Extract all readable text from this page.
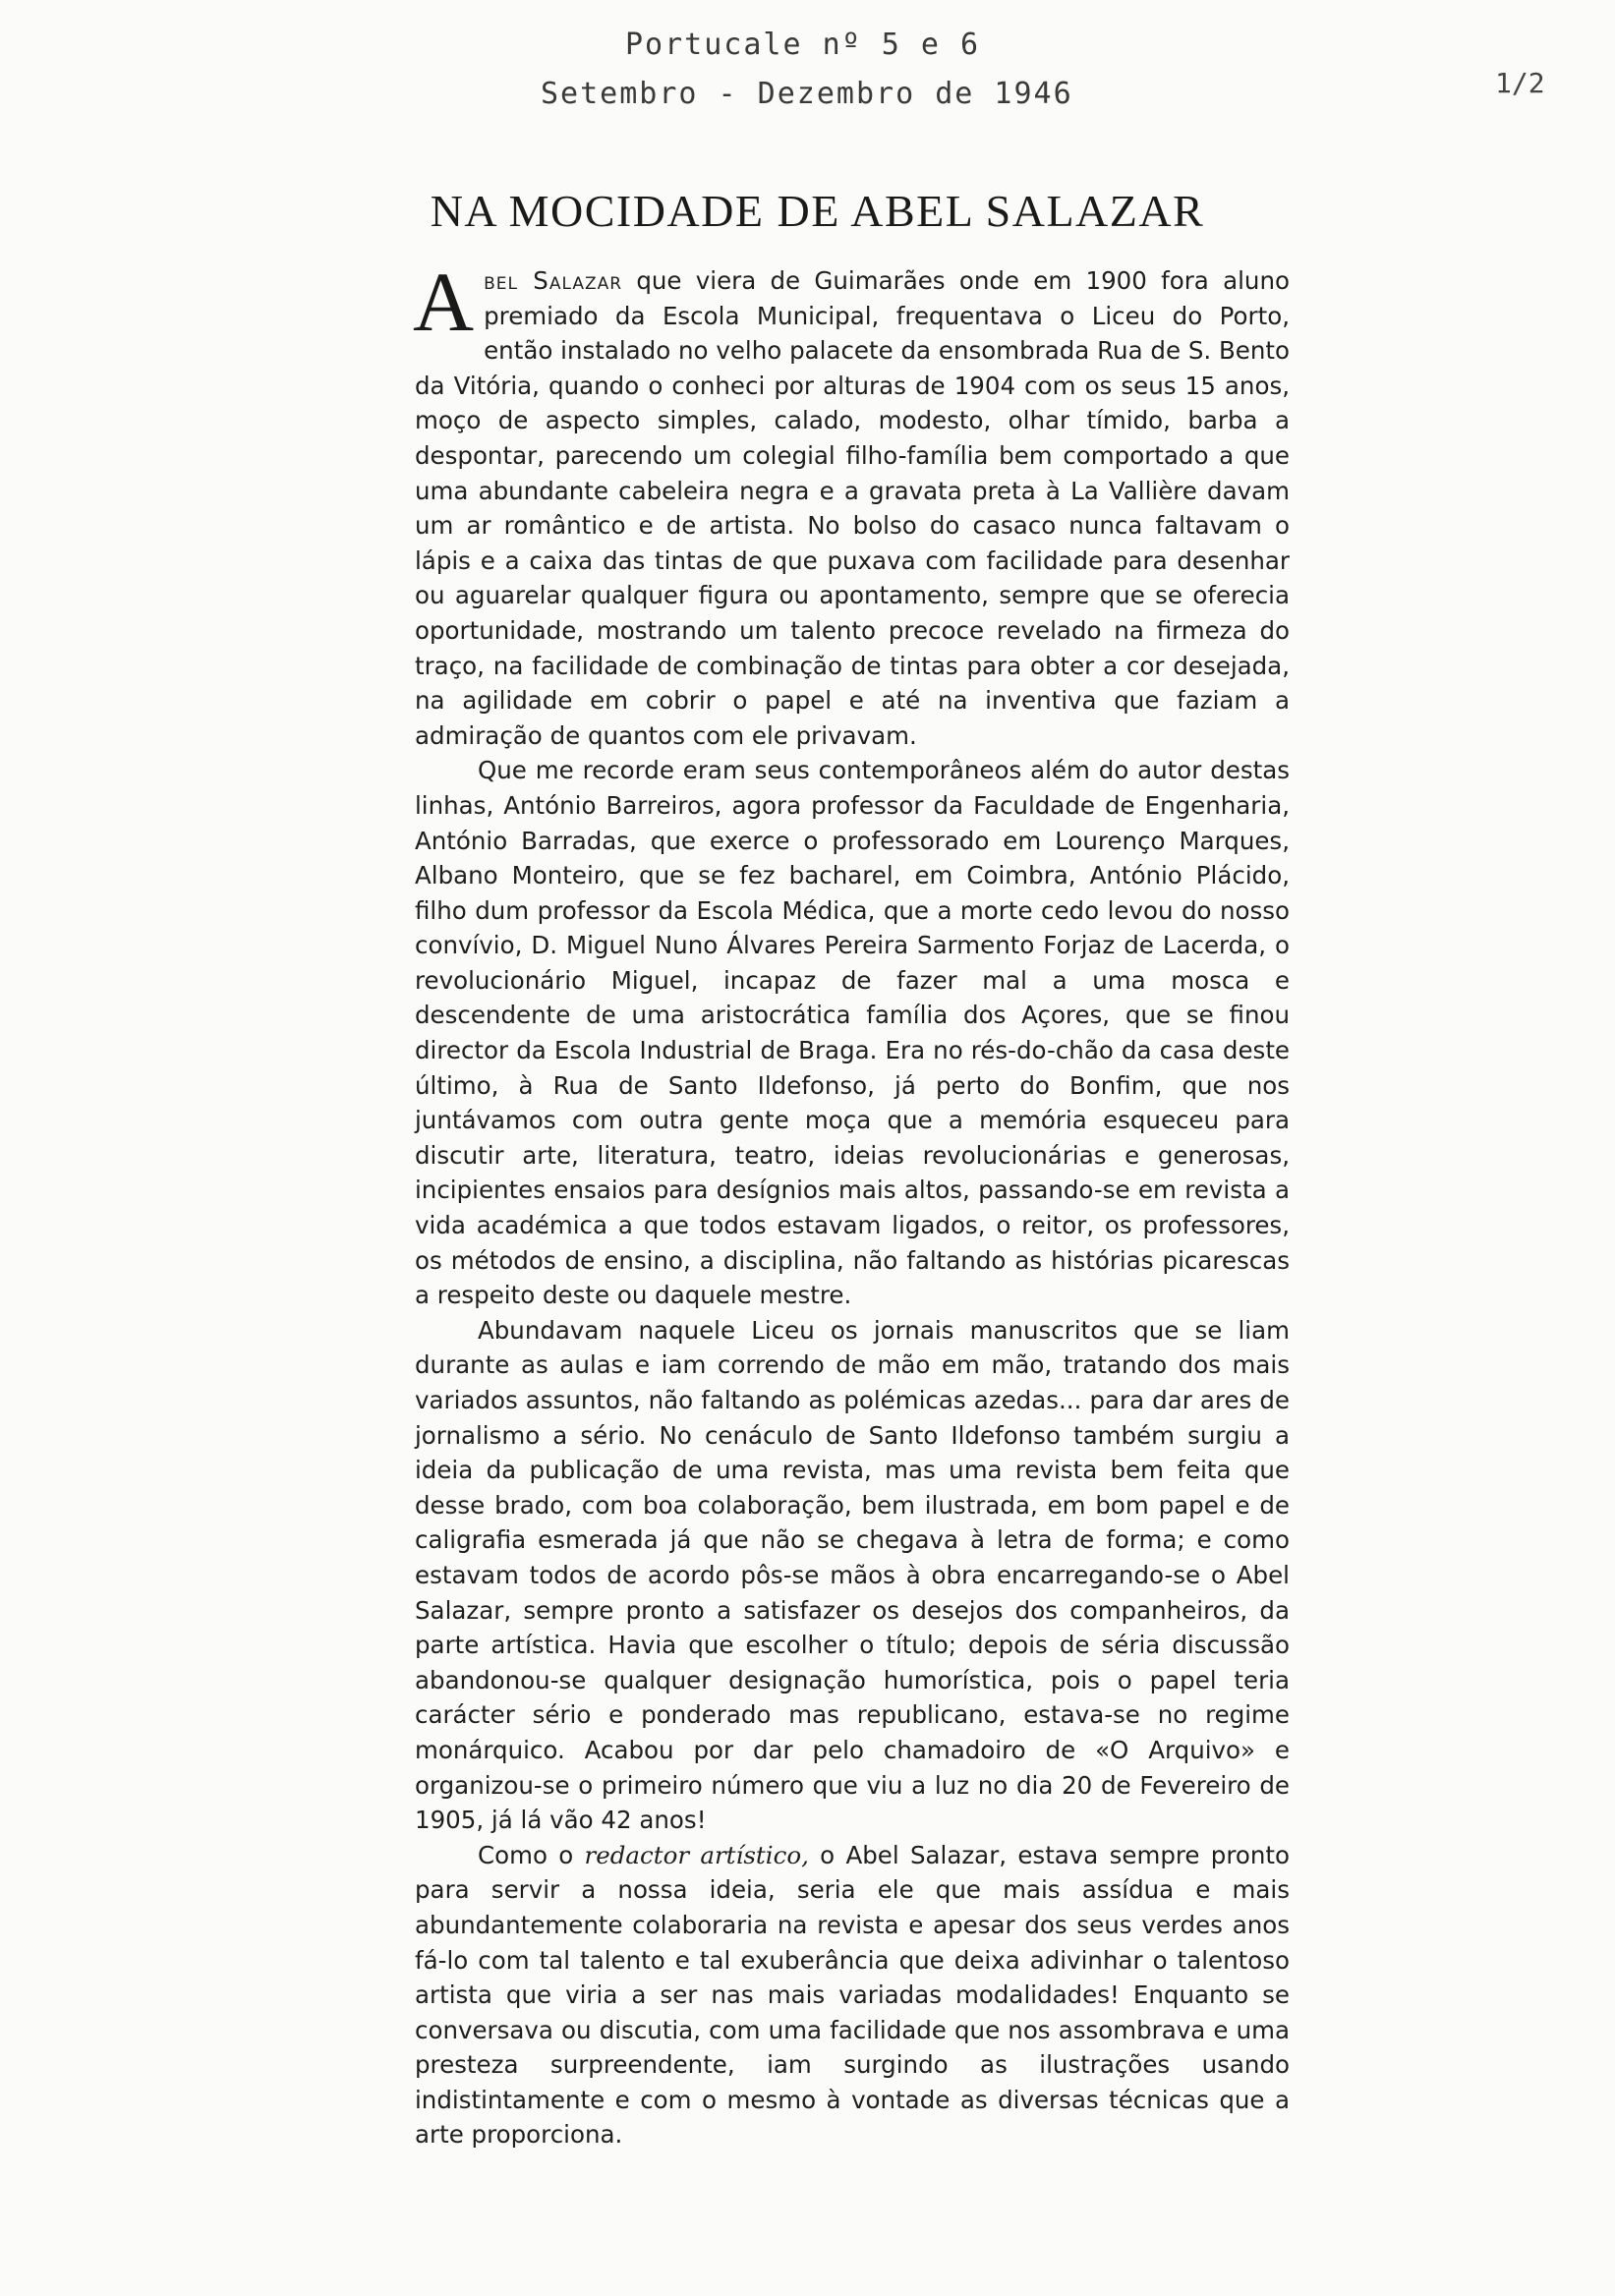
Portucale nº 5 e 6
Setembro - Dezembro de 1946	1/2
NA MOCIDADE DE ABEL SALAZAR

Abel Salazar que viera de Guimarães onde em 1900 fora aluno premiado da Escola Municipal, frequentava o Liceu do Porto, então instalado no velho palacete da ensombrada Rua de S. Bento da Vitória, quando o conheci por alturas de 1904 com os seus 15 anos, moço de aspecto simples, calado, modesto, olhar tímido, barba a despontar, parecendo um colegial filho-família bem comportado a que uma abundante cabeleira negra e a gravata preta à La Vallière davam um ar romântico e de artista. No bolso do casaco nunca faltavam o lápis e a caixa das tintas de que puxava com facilidade para desenhar ou aguarelar qualquer figura ou apontamento, sempre que se oferecia oportunidade, mostrando um talento precoce revelado na firmeza do traço, na facilidade de combinação de tintas para obter a cor desejada, na agilidade em cobrir o papel e até na inventiva que faziam a admiração de quantos com ele privavam.

Que me recorde eram seus contemporâneos além do autor destas linhas, António Barreiros, agora professor da Faculdade de Engenharia, António Barradas, que exerce o professorado em Lourenço Marques, Albano Monteiro, que se fez bacharel, em Coimbra, António Plácido, filho dum professor da Escola Médica, que a morte cedo levou do nosso convívio, D. Miguel Nuno Álvares Pereira Sarmento Forjaz de Lacerda, o revolucionário Miguel, incapaz de fazer mal a uma mosca e descendente de uma aristocrática família dos Açores, que se finou director da Escola Industrial de Braga. Era no rés-do-chão da casa deste último, à Rua de Santo Ildefonso, já perto do Bonfim, que nos juntávamos com outra gente moça que a memória esqueceu para discutir arte, literatura, teatro, ideias revolucionárias e generosas, incipientes ensaios para desígnios mais altos, passando-se em revista a vida académica a que todos estavam ligados, o reitor, os professores, os métodos de ensino, a disciplina, não faltando as histórias picarescas a respeito deste ou daquele mestre.

Abundavam naquele Liceu os jornais manuscritos que se liam durante as aulas e iam correndo de mão em mão, tratando dos mais variados assuntos, não faltando as polémicas azedas... para dar ares de jornalismo a sério. No cenáculo de Santo Ildefonso também surgiu a ideia da publicação de uma revista, mas uma revista bem feita que desse brado, com boa colaboração, bem ilustrada, em bom papel e de caligrafia esmerada já que não se chegava à letra de forma; e como estavam todos de acordo pôs-se mãos à obra encarregando-se o Abel Salazar, sempre pronto a satisfazer os desejos dos companheiros, da parte artística. Havia que escolher o título; depois de séria discussão abandonou-se qualquer designação humorística, pois o papel teria carácter sério e ponderado mas republicano, estava-se no regime monárquico. Acabou por dar pelo chamadoiro de «O Arquivo» e organizou-se o primeiro número que viu a luz no dia 20 de Fevereiro de 1905, já lá vão 42 anos!

Como o redactor artístico, o Abel Salazar, estava sempre pronto para servir a nossa ideia, seria ele que mais assídua e mais abundantemente colaboraria na revista e apesar dos seus verdes anos fá-lo com tal talento e tal exuberância que deixa adivinhar o talentoso artista que viria a ser nas mais variadas modalidades! Enquanto se conversava ou discutia, com uma facilidade que nos assombrava e uma presteza surpreendente, iam surgindo as ilustrações usando indistintamente e com o mesmo à vontade as diversas técnicas que a arte proporciona.
